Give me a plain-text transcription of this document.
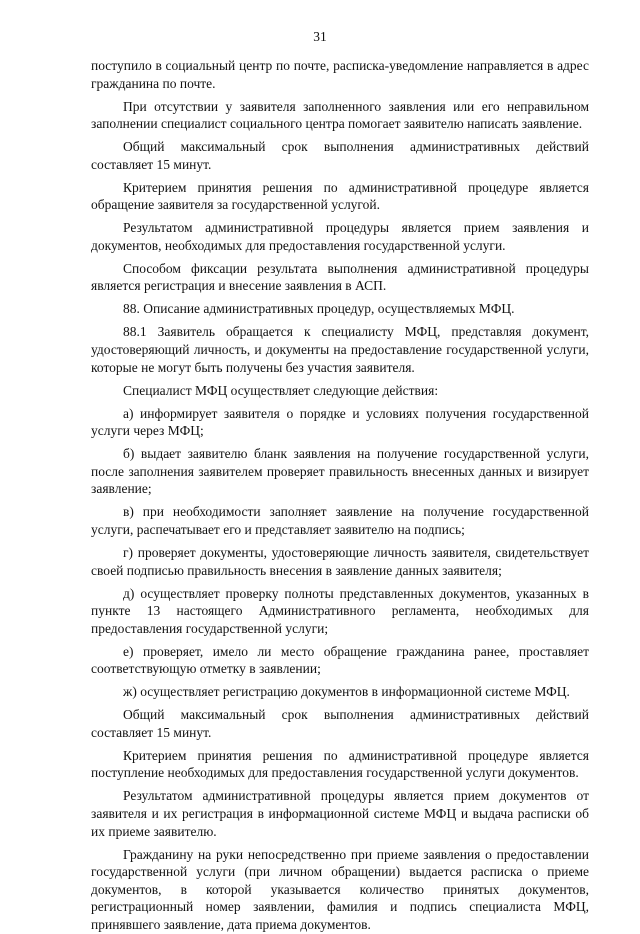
31

поступило в социальный центр по почте, расписка-уведомление направляется в адрес гражданина по почте.

При отсутствии у заявителя заполненного заявления или его неправильном заполнении специалист социального центра помогает заявителю написать заявление.

Общий максимальный срок выполнения административных действий составляет 15 минут.

Критерием принятия решения по административной процедуре является обращение заявителя за государственной услугой.

Результатом административной процедуры является прием заявления и документов, необходимых для предоставления государственной услуги.

Способом фиксации результата выполнения административной процедуры является регистрация и внесение заявления в АСП.

88. Описание административных процедур, осуществляемых МФЦ.

88.1 Заявитель обращается к специалисту МФЦ, представляя документ, удостоверяющий личность, и документы на предоставление государственной услуги, которые не могут быть получены без участия заявителя.

Специалист МФЦ осуществляет следующие действия:

а) информирует заявителя о порядке и условиях получения государственной услуги через МФЦ;

б) выдает заявителю бланк заявления на получение государственной услуги, после заполнения заявителем проверяет правильность внесенных данных и визирует заявление;

в) при необходимости заполняет заявление на получение государственной услуги, распечатывает его и представляет заявителю на подпись;

г) проверяет документы, удостоверяющие личность заявителя, свидетельствует своей подписью правильность внесения в заявление данных заявителя;

д) осуществляет проверку полноты представленных документов, указанных в пункте 13 настоящего Административного регламента, необходимых для предоставления государственной услуги;

е) проверяет, имело ли место обращение гражданина ранее, проставляет соответствующую отметку в заявлении;

ж) осуществляет регистрацию документов в информационной системе МФЦ.

Общий максимальный срок выполнения административных действий составляет 15 минут.

Критерием принятия решения по административной процедуре является поступление необходимых для предоставления государственной услуги документов.

Результатом административной процедуры является прием документов от заявителя и их регистрация в информационной системе МФЦ и выдача расписки об их приеме заявителю.

Гражданину на руки непосредственно при приеме заявления о предоставлении государственной услуги (при личном обращении) выдается расписка о приеме документов, в которой указывается количество принятых документов, регистрационный номер заявлении, фамилия и подпись специалиста МФЦ, принявшего заявление, дата приема документов.
